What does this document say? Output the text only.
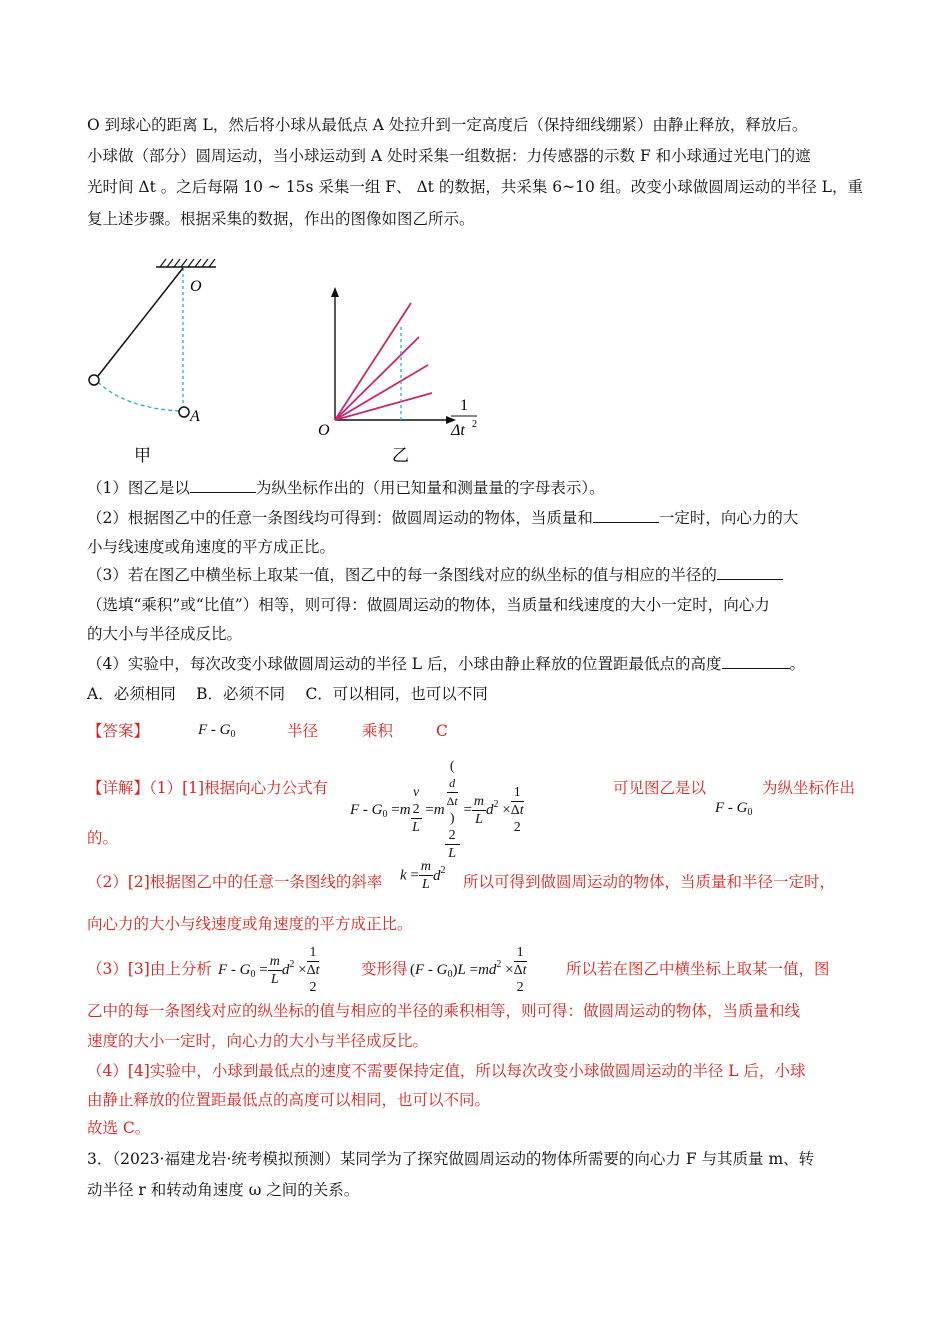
O 到球心的距离 L，然后将小球从最低点 A 处拉升到一定高度后（保持细线绷紧）由静止释放，释放后。
小球做（部分）圆周运动，当小球运动到 A 处时采集一组数据：力传感器的示数 F 和小球通过光电门的遮
光时间 Δt 。之后每隔 10 ~ 15s 采集一组 F、 Δt 的数据，共采集 6~10 组。改变小球做圆周运动的半径 L，重
复上述步骤。根据采集的数据，作出的图像如图乙所示。
O
A
甲
O
1
Δt 2
乙
（1）图乙是以	为纵坐标作出的（用已知量和测量量的字母表示）。
（2）根据图乙中的任意一条图线均可得到：做圆周运动的物体，当质量和	一定时，向心力的大
小与线速度或角速度的平方成正比。
（3）若在图乙中横坐标上取某一值，图乙中的每一条图线对应的纵坐标的值与相应的半径的
（选填“乘积”或“比值”）相等，则可得：做圆周运动的物体，当质量和线速度的大小一定时，向心力
的大小与半径成反比。
（4）实验中，每次改变小球做圆周运动的半径 L 后，小球由静止释放的位置距最低点的高度	。
A．必须相同　 B．必须不同　 C．可以相同，也可以不同
【答案】	F - $G_0$	半径	乘积	C
【详解】（1）[1]根据向心力公式有
$F - G_0 =m$ v
2
L =m (
d
Δt
)
2
$L = \frac{m}{L} d^2 \times 1$
Δt
2	可见图乙是以
F - $G_0$
为纵坐标作出
的。
（2）[2]根据图乙中的任意一条图线的斜率 $k = \frac{m}{L} d^2$
所以可得到做圆周运动的物体，当质量和半径一定时，
向心力的大小与线速度或角速度的平方成正比。
（3）[3]由上分析 $F - G_0 = \frac{m}{L} d^2 \times 1$
Δt
2	变形得 $(F - G_0)L =md^2 \times 1$
Δt
2	所以若在图乙中横坐标上取某一值，图
乙中的每一条图线对应的纵坐标的值与相应的半径的乘积相等，则可得：做圆周运动的物体，当质量和线
速度的大小一定时，向心力的大小与半径成反比。
（4）[4]实验中，小球到最低点的速度不需要保持定值，所以每次改变小球做圆周运动的半径 L 后，小球
由静止释放的位置距最低点的高度可以相同，也可以不同。
故选 C。
3．（2023·福建龙岩·统考模拟预测）某同学为了探究做圆周运动的物体所需要的向心力 F 与其质量 m、转
动半径 r 和转动角速度 ω 之间的关系。
